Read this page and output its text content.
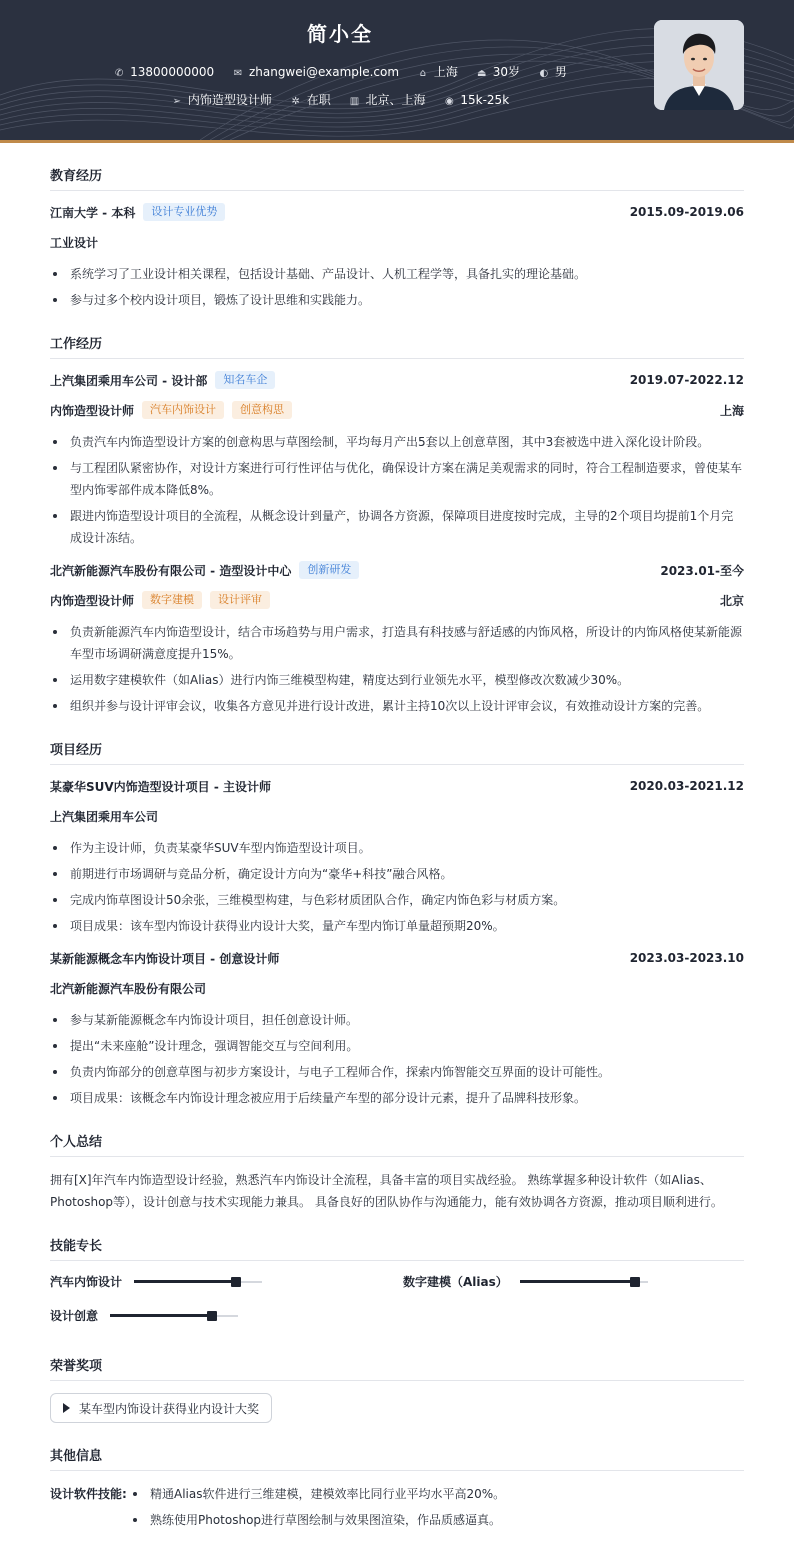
简小全
✆ 13800000000 ✉ zhangwei@example.com ⌂ 上海 ⏏ 30岁 ◐ 男
➢ 内饰造型设计师 ✲ 在职 ▥ 北京、上海 ◉ 15k-25k
教育经历
江南大学 - 本科	设计专业优势	2015.09-2019.06
工业设计
系统学习了工业设计相关课程，包括设计基础、产品设计、人机工程学等，具备扎实的理论基础。
参与过多个校内设计项目，锻炼了设计思维和实践能力。
工作经历
上汽集团乘用车公司 - 设计部	知名车企	2019.07-2022.12
内饰造型设计师	汽车内饰设计	创意构思	上海
负责汽车内饰造型设计方案的创意构思与草图绘制，平均每月产出5套以上创意草图，其中3套被选中进入深化设计阶段。
与工程团队紧密协作，对设计方案进行可行性评估与优化，确保设计方案在满足美观需求的同时，符合工程制造要求，曾使某车型内饰零部件成本降低8%。
跟进内饰造型设计项目的全流程，从概念设计到量产，协调各方资源，保障项目进度按时完成，主导的2个项目均提前1个月完成设计冻结。
北汽新能源汽车股份有限公司 - 造型设计中心	创新研发	2023.01-至今
内饰造型设计师	数字建模	设计评审	北京
负责新能源汽车内饰造型设计，结合市场趋势与用户需求，打造具有科技感与舒适感的内饰风格，所设计的内饰风格使某新能源车型市场调研满意度提升15%。
运用数字建模软件（如Alias）进行内饰三维模型构建，精度达到行业领先水平，模型修改次数减少30%。
组织并参与设计评审会议，收集各方意见并进行设计改进，累计主持10次以上设计评审会议，有效推动设计方案的完善。
项目经历
某豪华SUV内饰造型设计项目 - 主设计师	2020.03-2021.12
上汽集团乘用车公司
作为主设计师，负责某豪华SUV车型内饰造型设计项目。
前期进行市场调研与竞品分析，确定设计方向为“豪华+科技”融合风格。
完成内饰草图设计50余张，三维模型构建，与色彩材质团队合作，确定内饰色彩与材质方案。
项目成果：该车型内饰设计获得业内设计大奖，量产车型内饰订单量超预期20%。
某新能源概念车内饰设计项目 - 创意设计师	2023.03-2023.10
北汽新能源汽车股份有限公司
参与某新能源概念车内饰设计项目，担任创意设计师。
提出“未来座舱”设计理念，强调智能交互与空间利用。
负责内饰部分的创意草图与初步方案设计，与电子工程师合作，探索内饰智能交互界面的设计可能性。
项目成果：该概念车内饰设计理念被应用于后续量产车型的部分设计元素，提升了品牌科技形象。
个人总结
拥有[X]年汽车内饰造型设计经验，熟悉汽车内饰设计全流程，具备丰富的项目实战经验。 熟练掌握多种设计软件（如Alias、Photoshop等），设计创意与技术实现能力兼具。 具备良好的团队协作与沟通能力，能有效协调各方资源，推动项目顺利进行。
技能专长
汽车内饰设计	数字建模（Alias）
设计创意
荣誉奖项
某车型内饰设计获得业内设计大奖
其他信息
设计软件技能:	精通Alias软件进行三维建模，建模效率比同行业平均水平高20%。
熟练使用Photoshop进行草图绘制与效果图渲染，作品质感逼真。
